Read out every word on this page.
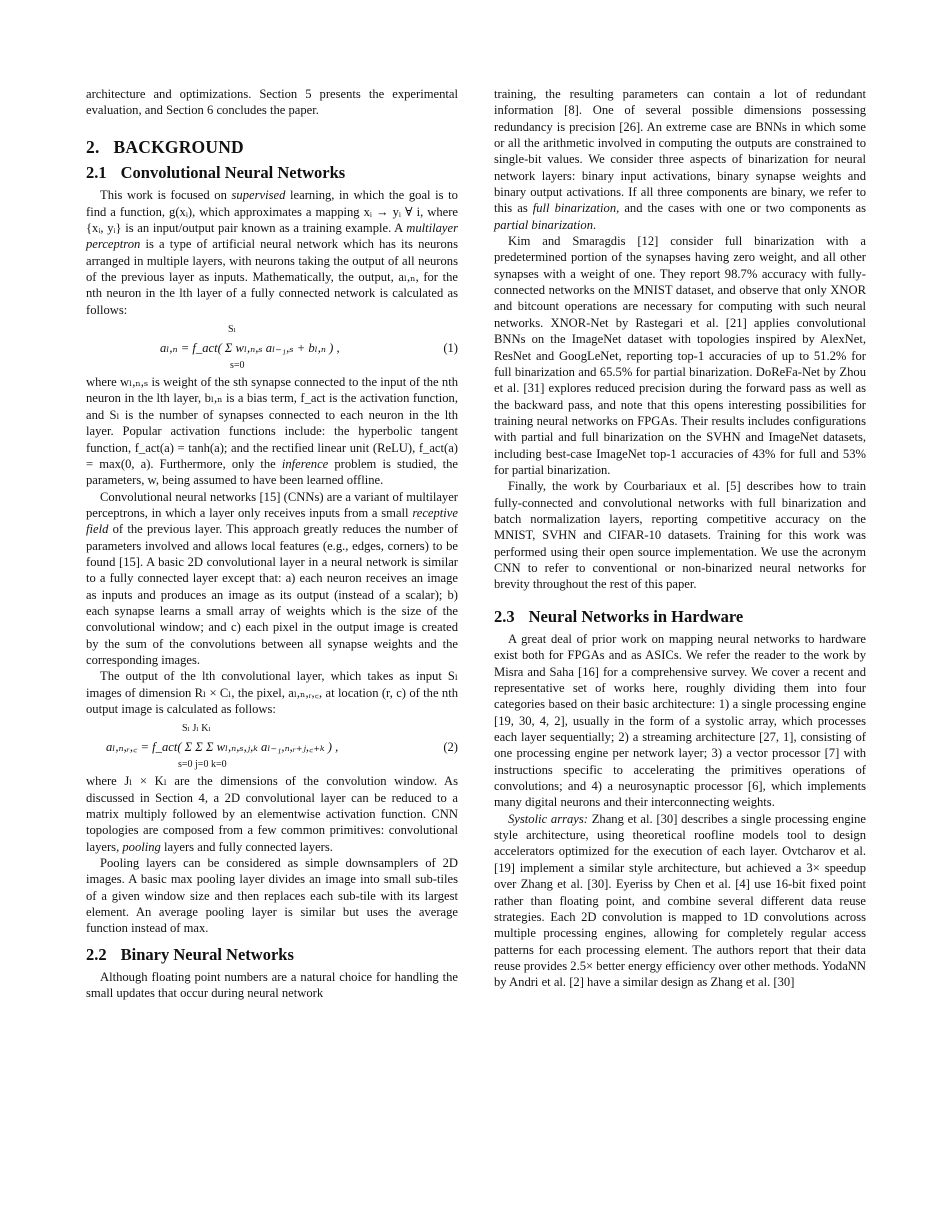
architecture and optimizations. Section 5 presents the experimental evaluation, and Section 6 concludes the paper.

2. BACKGROUND
2.1 Convolutional Neural Networks

This work is focused on supervised learning, in which the goal is to find a function, g(xᵢ), which approximates a mapping xᵢ → yᵢ ∀ i, where {xᵢ, yᵢ} is an input/output pair known as a training example. A multilayer perceptron is a type of artificial neural network which has its neurons arranged in multiple layers, with neurons taking the output of all neurons of the previous layer as inputs. Mathematically, the output, aₗ,ₙ, for the nth neuron in the lth layer of a fully connected network is calculated as follows:

Sₗ
s=0
aₗ,ₙ = f_act( Σ wₗ,ₙ,ₛ aₗ₋₁,ₛ + bₗ,ₙ ) ,	(1)

where wₗ,ₙ,ₛ is weight of the sth synapse connected to the input of the nth neuron in the lth layer, bₗ,ₙ is a bias term, f_act is the activation function, and Sₗ is the number of synapses connected to each neuron in the lth layer. Popular activation functions include: the hyperbolic tangent function, f_act(a) = tanh(a); and the rectified linear unit (ReLU), f_act(a) = max(0, a). Furthermore, only the inference problem is studied, the parameters, w, being assumed to have been learned offline.

Convolutional neural networks [15] (CNNs) are a variant of multilayer perceptrons, in which a layer only receives inputs from a small receptive field of the previous layer. This approach greatly reduces the number of parameters involved and allows local features (e.g., edges, corners) to be found [15]. A basic 2D convolutional layer in a neural network is similar to a fully connected layer except that: a) each neuron receives an image as inputs and produces an image as its output (instead of a scalar); b) each synapse learns a small array of weights which is the size of the convolutional window; and c) each pixel in the output image is created by the sum of the convolutions between all synapse weights and the corresponding images.

The output of the lth convolutional layer, which takes as input Sₗ images of dimension Rₗ × Cₗ, the pixel, aₗ,ₙ,ᵣ,꜀, at location (r, c) of the nth output image is calculated as follows:

Sₗ Jₗ Kₗ
s=0 j=0 k=0
aₗ,ₙ,ᵣ,꜀ = f_act( Σ Σ Σ wₗ,ₙ,ₛ,ⱼ,ₖ aₗ₋₁,ₙ,ᵣ₊ⱼ,꜀₊ₖ ) ,	(2)

where Jₗ × Kₗ are the dimensions of the convolution window. As discussed in Section 4, a 2D convolutional layer can be reduced to a matrix multiply followed by an elementwise activation function. CNN topologies are composed from a few common primitives: convolutional layers, pooling layers and fully connected layers.

Pooling layers can be considered as simple downsamplers of 2D images. A basic max pooling layer divides an image into small sub-tiles of a given window size and then replaces each sub-tile with its largest element. An average pooling layer is similar but uses the average function instead of max.

2.2 Binary Neural Networks

Although floating point numbers are a natural choice for handling the small updates that occur during neural network

training, the resulting parameters can contain a lot of redundant information [8]. One of several possible dimensions possessing redundancy is precision [26]. An extreme case are BNNs in which some or all the arithmetic involved in computing the outputs are constrained to single-bit values. We consider three aspects of binarization for neural network layers: binary input activations, binary synapse weights and binary output activations. If all three components are binary, we refer to this as full binarization, and the cases with one or two components as partial binarization.

Kim and Smaragdis [12] consider full binarization with a predetermined portion of the synapses having zero weight, and all other synapses with a weight of one. They report 98.7% accuracy with fully-connected networks on the MNIST dataset, and observe that only XNOR and bitcount operations are necessary for computing with such neural networks. XNOR-Net by Rastegari et al. [21] applies convolutional BNNs on the ImageNet dataset with topologies inspired by AlexNet, ResNet and GoogLeNet, reporting top-1 accuracies of up to 51.2% for full binarization and 65.5% for partial binarization. DoReFa-Net by Zhou et al. [31] explores reduced precision during the forward pass as well as the backward pass, and note that this opens interesting possibilities for training neural networks on FPGAs. Their results includes configurations with partial and full binarization on the SVHN and ImageNet datasets, including best-case ImageNet top-1 accuracies of 43% for full and 53% for partial binarization.

Finally, the work by Courbariaux et al. [5] describes how to train fully-connected and convolutional networks with full binarization and batch normalization layers, reporting competitive accuracy on the MNIST, SVHN and CIFAR-10 datasets. Training for this work was performed using their open source implementation. We use the acronym CNN to refer to conventional or non-binarized neural networks for brevity throughout the rest of this paper.

2.3 Neural Networks in Hardware

A great deal of prior work on mapping neural networks to hardware exist both for FPGAs and as ASICs. We refer the reader to the work by Misra and Saha [16] for a comprehensive survey. We cover a recent and representative set of works here, roughly dividing them into four categories based on their basic architecture: 1) a single processing engine [19, 30, 4, 2], usually in the form of a systolic array, which processes each layer sequentially; 2) a streaming architecture [27, 1], consisting of one processing engine per network layer; 3) a vector processor [7] with instructions specific to accelerating the primitives operations of convolutions; and 4) a neurosynaptic processor [6], which implements many digital neurons and their interconnecting weights.

Systolic arrays: Zhang et al. [30] describes a single processing engine style architecture, using theoretical roofline models tool to design accelerators optimized for the execution of each layer. Ovtcharov et al. [19] implement a similar style architecture, but achieved a 3× speedup over Zhang et al. [30]. Eyeriss by Chen et al. [4] use 16-bit fixed point rather than floating point, and combine several different data reuse strategies. Each 2D convolution is mapped to 1D convolutions across multiple processing engines, allowing for completely regular access patterns for each processing element. The authors report that their data reuse provides 2.5× better energy efficiency over other methods. YodaNN by Andri et al. [2] have a similar design as Zhang et al. [30]
